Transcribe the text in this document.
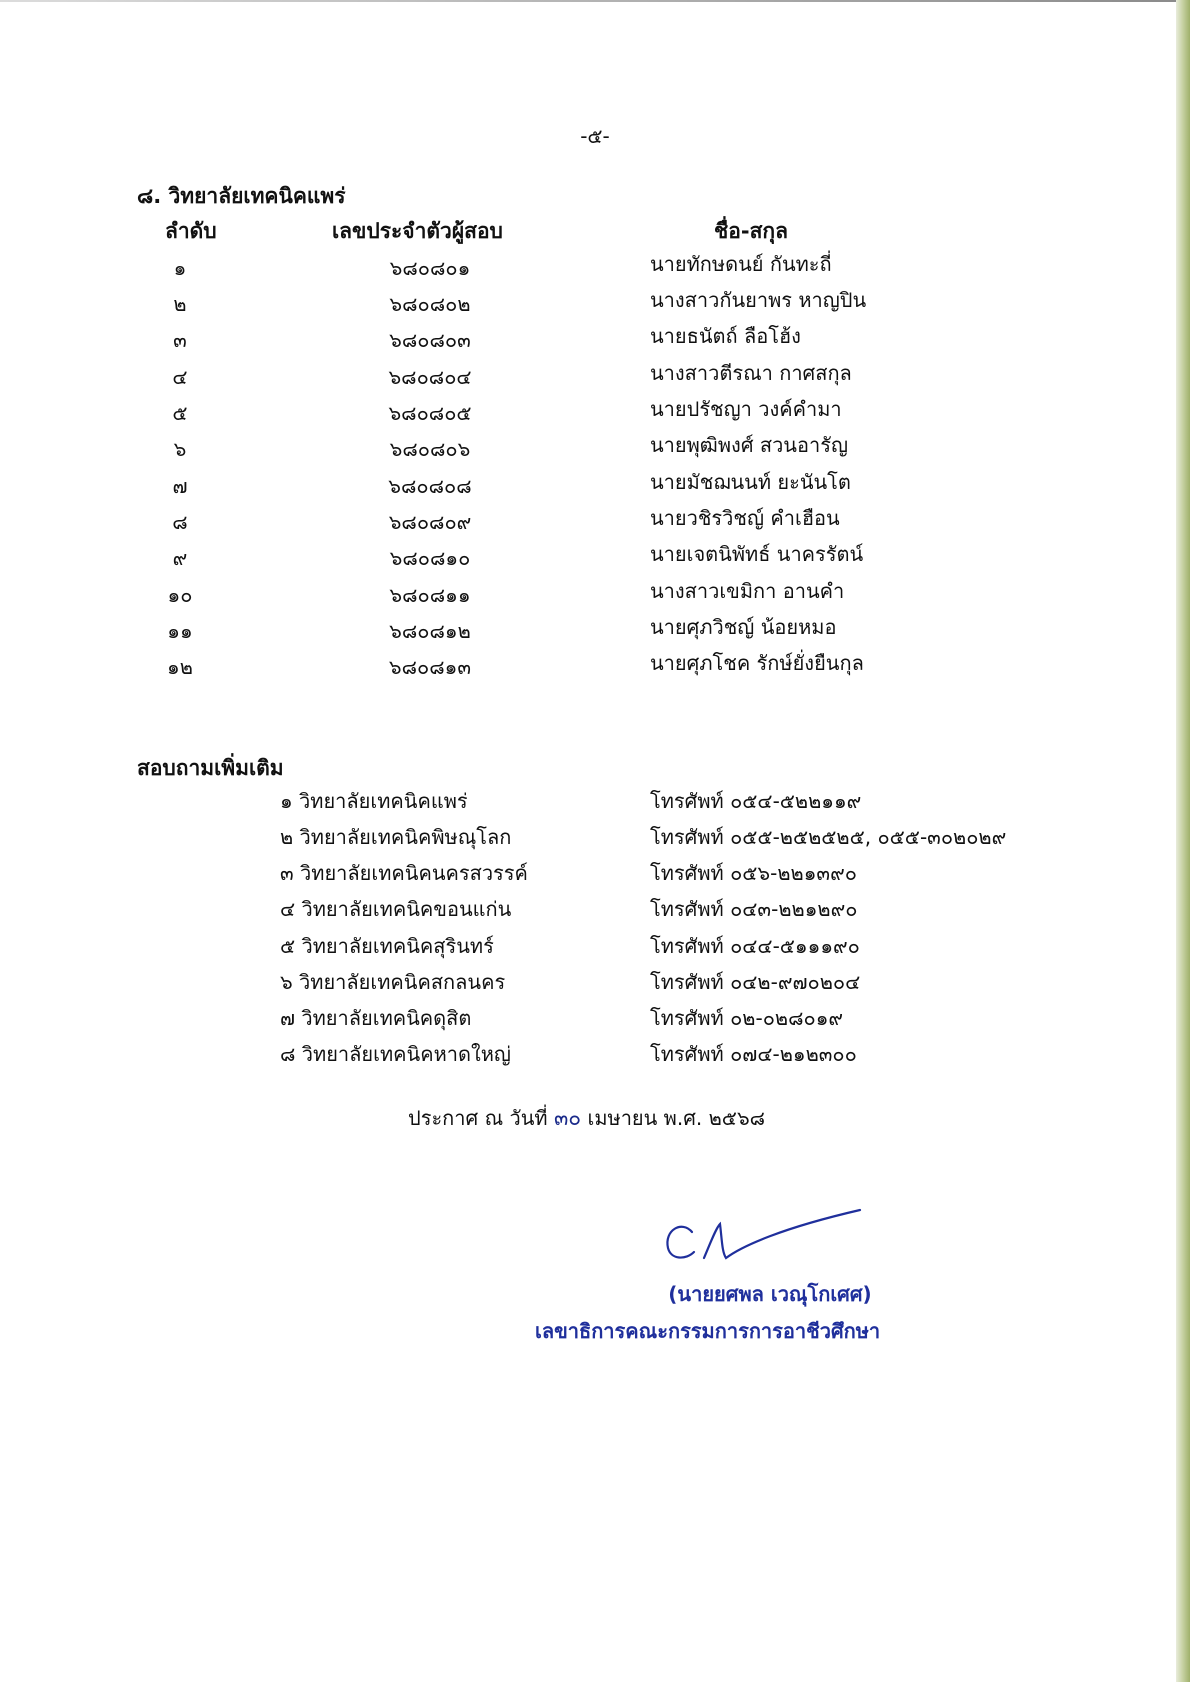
-๕-
๘. วิทยาลัยเทคนิคแพร่
ลำดับ	เลขประจำตัวผู้สอบ	ชื่อ-สกุล
๑	๖๘๐๘๐๑	นายทักษดนย์ กันทะถี่
๒	๖๘๐๘๐๒	นางสาวกันยาพร หาญปิน
๓	๖๘๐๘๐๓	นายธนัตถ์ ลือโฮ้ง
๔	๖๘๐๘๐๔	นางสาวตีรณา กาศสกุล
๕	๖๘๐๘๐๕	นายปรัชญา วงค์คำมา
๖	๖๘๐๘๐๖	นายพุฒิพงศ์ สวนอารัญ
๗	๖๘๐๘๐๘	นายมัชฌนนท์ ยะนันโต
๘	๖๘๐๘๐๙	นายวชิรวิชญ์ คำเฮือน
๙	๖๘๐๘๑๐	นายเจตนิพัทธ์ นาครรัตน์
๑๐	๖๘๐๘๑๑	นางสาวเขมิกา อานคำ
๑๑	๖๘๐๘๑๒	นายศุภวิชญ์ น้อยหมอ
๑๒	๖๘๐๘๑๓	นายศุภโชค รักษ์ยั่งยืนกุล
สอบถามเพิ่มเติม
๑ วิทยาลัยเทคนิคแพร่	โทรศัพท์ ๐๕๔-๕๒๒๑๑๙
๒ วิทยาลัยเทคนิคพิษณุโลก	โทรศัพท์ ๐๕๕-๒๕๒๕๒๕, ๐๕๕-๓๐๒๐๒๙
๓ วิทยาลัยเทคนิคนครสวรรค์	โทรศัพท์ ๐๕๖-๒๒๑๓๙๐
๔ วิทยาลัยเทคนิคขอนแก่น	โทรศัพท์ ๐๔๓-๒๒๑๒๙๐
๕ วิทยาลัยเทคนิคสุรินทร์	โทรศัพท์ ๐๔๔-๕๑๑๑๙๐
๖ วิทยาลัยเทคนิคสกลนคร	โทรศัพท์ ๐๔๒-๙๗๐๒๐๔
๗ วิทยาลัยเทคนิคดุสิต	โทรศัพท์ ๐๒-๐๒๘๐๑๙
๘ วิทยาลัยเทคนิคหาดใหญ่	โทรศัพท์ ๐๗๔-๒๑๒๓๐๐
ประกาศ ณ วันที่ ๓๐ เมษายน พ.ศ. ๒๕๖๘
(นายยศพล เวณุโกเศศ)
เลขาธิการคณะกรรมการการอาชีวศึกษา
